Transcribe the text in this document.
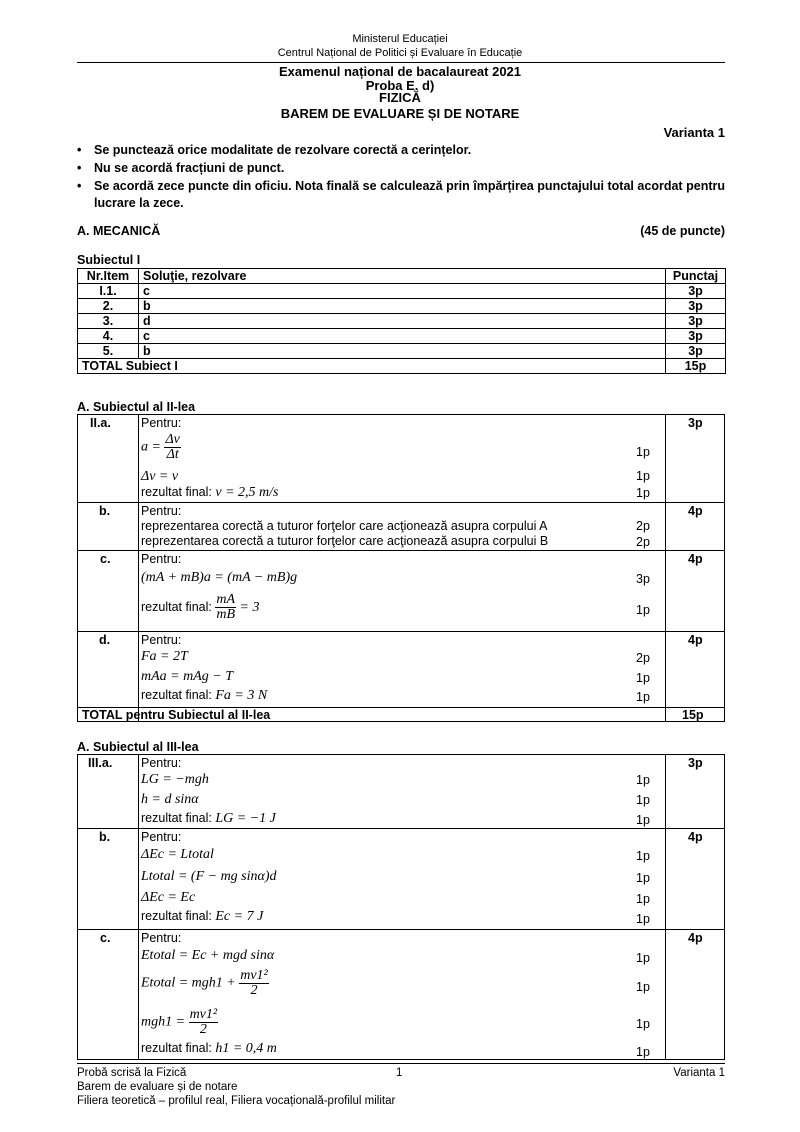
Ministerul Educației
Centrul Național de Politici și Evaluare în Educație
Examenul național de bacalaureat 2021
Proba E. d)
FIZICĂ
BAREM DE EVALUARE ȘI DE NOTARE
Varianta 1
• Se punctează orice modalitate de rezolvare corectă a cerințelor.
• Nu se acordă fracțiuni de punct.
• Se acordă zece puncte din oficiu. Nota finală se calculează prin împărțirea punctajului total acordat pentru lucrare la zece.
A. MECANICĂ	(45 de puncte)
Subiectul I
Nr.Item	Soluţie, rezolvare	Punctaj
I.1.	c	3p
2.	b	3p
3.	d	3p
4.	c	3p
5.	b	3p
TOTAL Subiect I		15p
A. Subiectul al II-lea
II.a. Pentru:	3p
$a = \frac{\Delta v}{\Delta t}$	1p
Δv = v	1p
rezultat final: v = 2,5 m/s	1p
b. Pentru:	4p
reprezentarea corectă a tuturor forţelor care acţionează asupra corpului A	2p
reprezentarea corectă a tuturor forţelor care acţionează asupra corpului B	2p
c. Pentru:	4p
(mA + mB)a = (mA − mB)g	3p
rezultat final: $\frac{mA}{mB} = 3$	1p
d. Pentru:	4p
Fa = 2T	2p
mAa = mAg − T	1p
rezultat final: Fa = 3 N	1p
TOTAL pentru Subiectul al II-lea	15p
A. Subiectul al III-lea
III.a. Pentru:	3p
LG = −mgh	1p
h = d sinα	1p
rezultat final: LG = −1 J	1p
b. Pentru:	4p
ΔEc = Ltotal	1p
Ltotal = (F − mg sinα)d	1p
ΔEc = Ec	1p
rezultat final: Ec = 7 J	1p
c. Pentru:	4p
Etotal = Ec + mgd sinα	1p
Etotal = $mgh1 + \frac{\text{mv1²}}{2}$	1p
$mgh1 = \frac{\text{mv1²}}{2}$	1p
rezultat final: h1 = 0,4 m	1p
Probă scrisă la Fizică	1	Varianta 1
Barem de evaluare și de notare
Filiera teoretică – profilul real, Filiera vocațională-profilul militar
